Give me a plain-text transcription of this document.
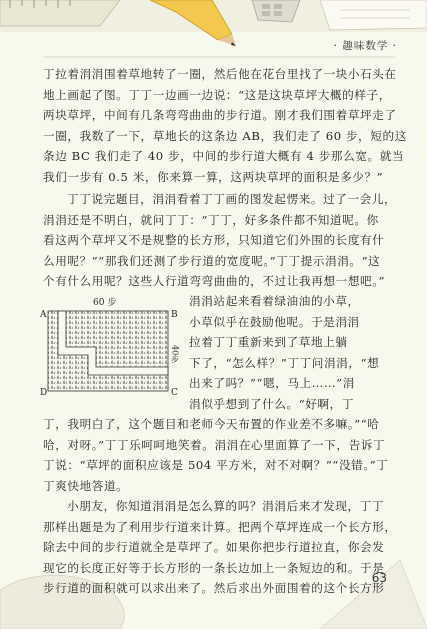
· 趣味数学 ·

丁拉着涓涓围着草地转了一圈，然后他在花台里找了一块小石头在
地上画起了图。丁丁一边画一边说：“这是这块草坪大概的样子，
两块草坪，中间有几条弯弯曲曲的步行道。刚才我们围着草坪走了
一圈，我数了一下，草地长的这条边 AB，我们走了 60 步，短的这
条边 BC 我们走了 40 步，中间的步行道大概有 4 步那么宽。就当
我们一步有 0.5 米，你来算一算，这两块草坪的面积是多少？”

丁丁说完题目，涓涓看着丁丁画的图发起愣来。过了一会儿，
涓涓还是不明白，就问丁丁：“丁丁，好多条件都不知道呢。你
看这两个草坪又不是规整的长方形，只知道它们外围的长度有什
么用呢？”“那我们还测了步行道的宽度呢。”丁丁提示涓涓。“这
个有什么用呢？这些人行道弯弯曲曲的，不过让我再想一想吧。”

60 步
A	B
C
D
40步
涓涓站起来看着绿油油的小草，
小草似乎在鼓励他呢。于是涓涓
拉着丁丁重新来到了草地上躺
下了，“怎么样？”丁丁问涓涓，“想
出来了吗？”“嗯，马上……”涓
涓似乎想到了什么。“好啊，丁

丁，我明白了，这个题目和老师今天布置的作业差不多嘛。”“哈
哈，对呀。”丁丁乐呵呵地笑着。涓涓在心里面算了一下，告诉丁
丁说：“草坪的面积应该是 504 平方米，对不对啊？”“没错。”丁
丁爽快地答道。

小朋友，你知道涓涓是怎么算的吗？涓涓后来才发现，丁丁
那样出题是为了利用步行道来计算。把两个草坪连成一个长方形，
除去中间的步行道就全是草坪了。如果你把步行道拉直，你会发
现它的长度正好等于长方形的一条长边加上一条短边的和。于是
步行道的面积就可以求出来了。然后求出外面围着的这个长方形

63
